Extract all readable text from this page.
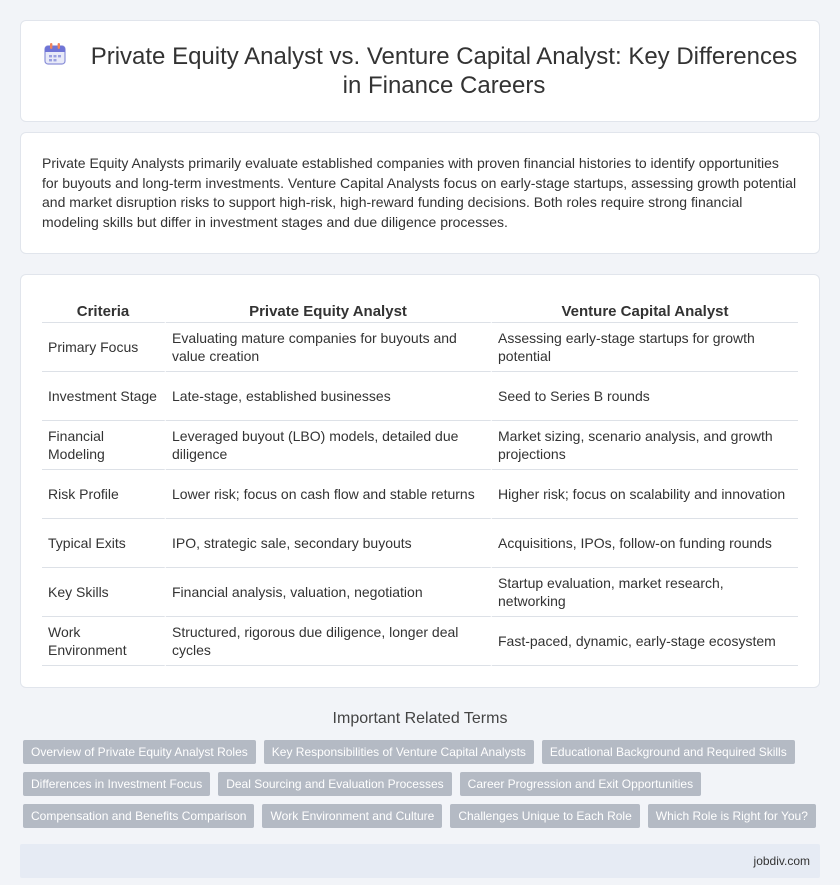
Private Equity Analyst vs. Venture Capital Analyst: Key Differences in Finance Careers

Private Equity Analysts primarily evaluate established companies with proven financial histories to identify opportunities for buyouts and long-term investments. Venture Capital Analysts focus on early-stage startups, assessing growth potential and market disruption risks to support high-risk, high-reward funding decisions. Both roles require strong financial modeling skills but differ in investment stages and due diligence processes.

Criteria	Private Equity Analyst	Venture Capital Analyst
Primary Focus	Evaluating mature companies for buyouts and value creation	Assessing early-stage startups for growth potential
Investment Stage	Late-stage, established businesses	Seed to Series B rounds
Financial Modeling	Leveraged buyout (LBO) models, detailed due diligence	Market sizing, scenario analysis, and growth projections
Risk Profile	Lower risk; focus on cash flow and stable returns	Higher risk; focus on scalability and innovation
Typical Exits	IPO, strategic sale, secondary buyouts	Acquisitions, IPOs, follow-on funding rounds
Key Skills	Financial analysis, valuation, negotiation	Startup evaluation, market research, networking
Work Environment	Structured, rigorous due diligence, longer deal cycles	Fast-paced, dynamic, early-stage ecosystem
Important Related Terms
Overview of Private Equity Analyst Roles	Key Responsibilities of Venture Capital Analysts	Educational Background and Required Skills
Differences in Investment Focus	Deal Sourcing and Evaluation Processes	Career Progression and Exit Opportunities
Compensation and Benefits Comparison	Work Environment and Culture	Challenges Unique to Each Role	Which Role is Right for You?
jobdiv.com
